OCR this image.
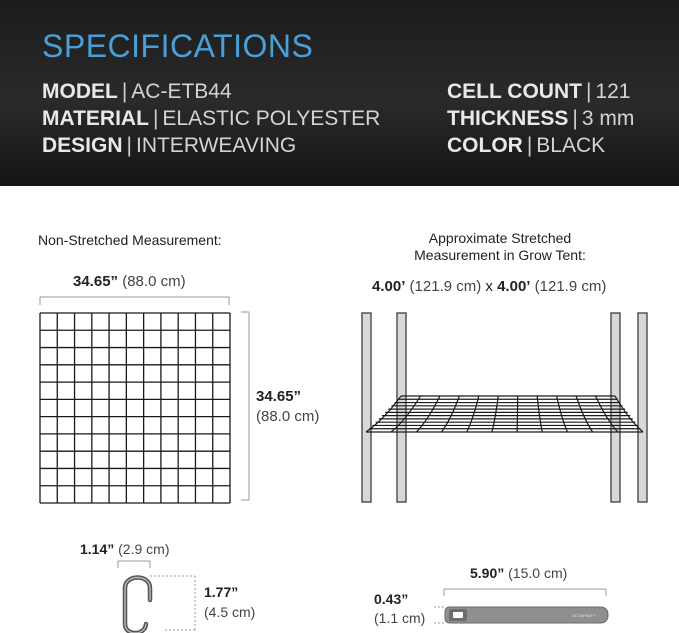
SPECIFICATIONS
MODEL | AC-ETB44
MATERIAL | ELASTIC POLYESTER
DESIGN | INTERWEAVING
CELL COUNT | 121
THICKNESS | 3 mm
COLOR | BLACK
AC INFINITY
Non-Stretched Measurement:
34.65” (88.0 cm)
34.65”
(88.0 cm)
Approximate Stretched
Measurement in Grow Tent:
4.00’ (121.9 cm) x 4.00’ (121.9 cm)
1.14” (2.9 cm)
1.77”
(4.5 cm)
5.90” (15.0 cm)
0.43”
(1.1 cm)
